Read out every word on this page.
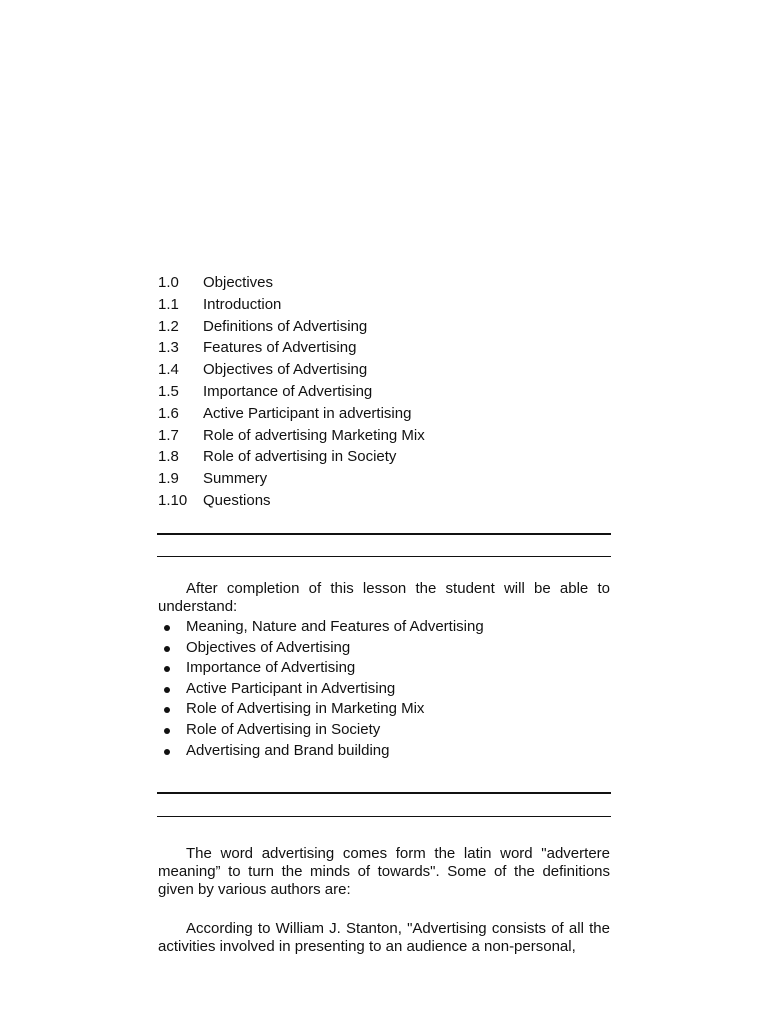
1.0	Objectives
1.1	Introduction
1.2	Definitions of Advertising
1.3	Features of Advertising
1.4	Objectives of Advertising
1.5	Importance of Advertising
1.6	Active Participant in advertising
1.7	Role of advertising Marketing Mix
1.8	Role of advertising in Society
1.9	Summery
1.10	Questions
After completion of this lesson the student will be able to understand:
Meaning, Nature and Features of Advertising
Objectives of Advertising
Importance of Advertising
Active Participant in Advertising
Role of Advertising in Marketing Mix
Role of Advertising in Society
Advertising and Brand building
The word advertising comes form the latin word "advertere meaning” to turn the minds of towards". Some of the definitions given by various authors are:
According to William J. Stanton, "Advertising consists of all the activities involved in presenting to an audience a non-personal,
